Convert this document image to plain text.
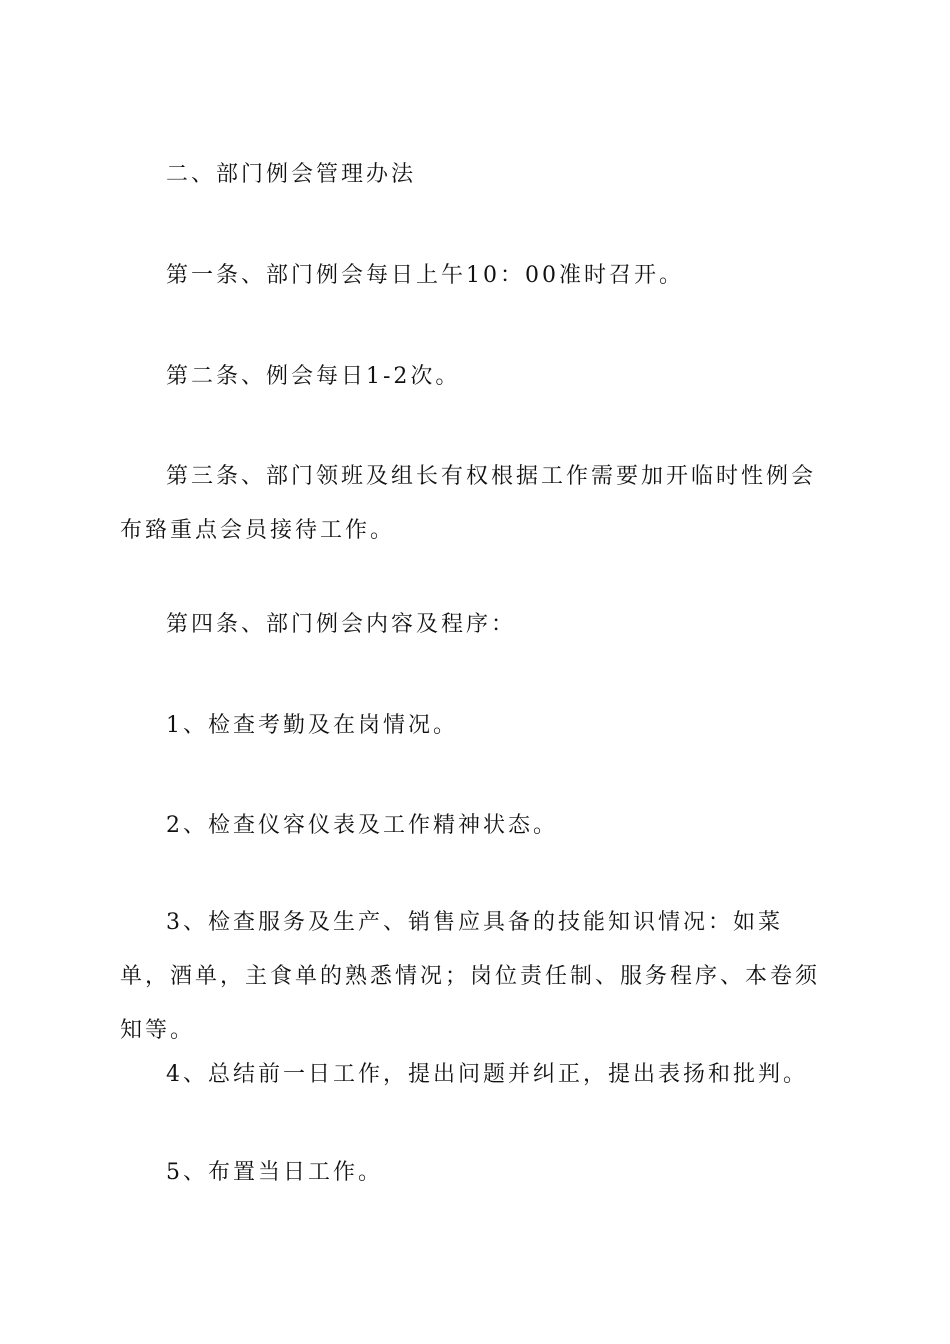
二、部门例会管理办法

第一条、部门例会每日上午10：00准时召开。

第二条、例会每日1-2次。

第三条、部门领班及组长有权根据工作需要加开临时性例会布臵重点会员接待工作。

第四条、部门例会内容及程序：

1、检查考勤及在岗情况。

2、检查仪容仪表及工作精神状态。

3、检查服务及生产、销售应具备的技能知识情况：如菜单，酒单，主食单的熟悉情况；岗位责任制、服务程序、本卷须知等。

4、总结前一日工作，提出问题并纠正，提出表扬和批判。

5、布置当日工作。
